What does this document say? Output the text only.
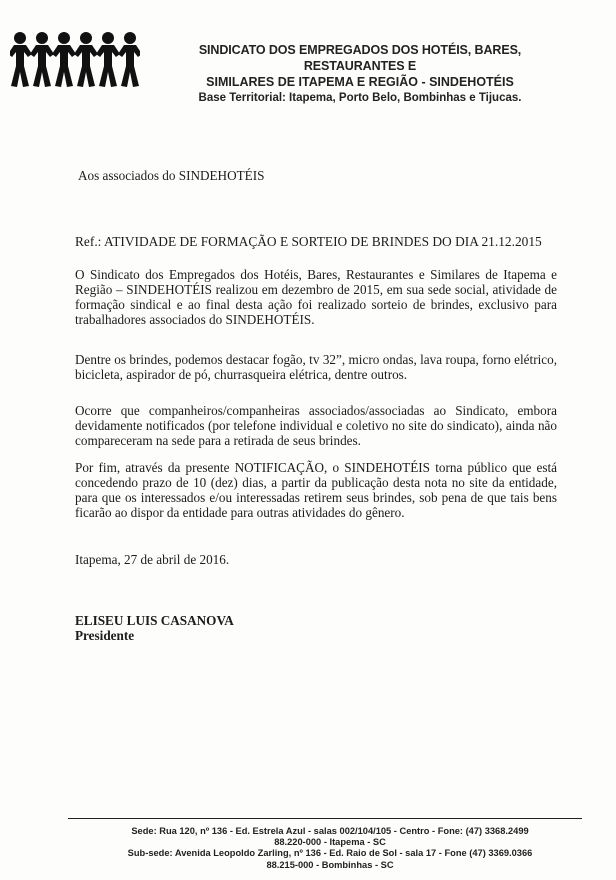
SINDICATO DOS EMPREGADOS DOS HOTÉIS, BARES, RESTAURANTES E
SIMILARES DE ITAPEMA E REGIÃO - SINDEHOTÉIS
Base Territorial: Itapema, Porto Belo, Bombinhas e Tijucas.
Aos associados do SINDEHOTÉIS
Ref.: ATIVIDADE DE FORMAÇÃO E SORTEIO DE BRINDES DO DIA 21.12.2015
O Sindicato dos Empregados dos Hotéis, Bares, Restaurantes e Similares de Itapema e Região – SINDEHOTÉIS realizou em dezembro de 2015, em sua sede social, atividade de formação sindical e ao final desta ação foi realizado sorteio de brindes, exclusivo para trabalhadores associados do SINDEHOTÉIS.
Dentre os brindes, podemos destacar fogão, tv 32”, micro ondas, lava roupa, forno elétrico, bicicleta, aspirador de pó, churrasqueira elétrica, dentre outros.
Ocorre que companheiros/companheiras associados/associadas ao Sindicato, embora devidamente notificados (por telefone individual e coletivo no site do sindicato), ainda não compareceram na sede para a retirada de seus brindes.
Por fim, através da presente NOTIFICAÇÃO, o SINDEHOTÉIS torna público que está concedendo prazo de 10 (dez) dias, a partir da publicação desta nota no site da entidade, para que os interessados e/ou interessadas retirem seus brindes, sob pena de que tais bens ficarão ao dispor da entidade para outras atividades do gênero.
Itapema, 27 de abril de 2016.
ELISEU LUIS CASANOVA
Presidente
Sede: Rua 120, nº 136 - Ed. Estrela Azul - salas 002/104/105 - Centro - Fone: (47) 3368.2499
88.220-000 - Itapema - SC
Sub-sede: Avenida Leopoldo Zarling, nº 136 - Ed. Raio de Sol - sala 17 - Fone (47) 3369.0366
88.215-000 - Bombinhas - SC
